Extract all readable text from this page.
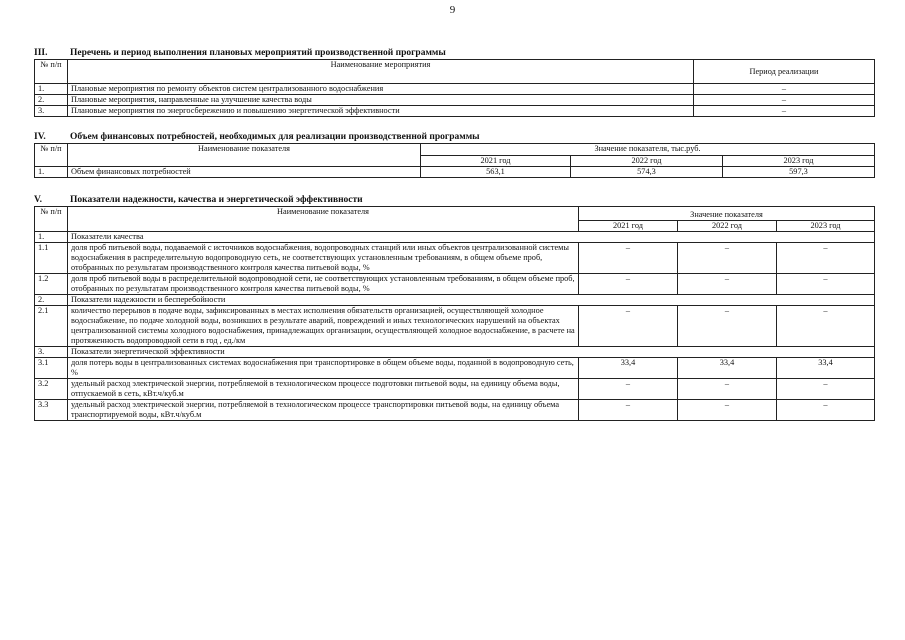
9
III. Перечень и период выполнения плановых мероприятий производственной программы
№ п/п	Наименование мероприятия	Период реализации
1.	Плановые мероприятия по ремонту объектов систем централизованного водоснабжения	–
2.	Плановые мероприятия, направленные на улучшение качества воды	–
3.	Плановые мероприятия по энергосбережению и повышению энергетической эффективности	–
IV.	Объем финансовых потребностей, необходимых для реализации производственной программы
№ п/п	Наименование показателя	Значение показателя, тыс.руб.		
		2021 год	2022 год	2023 год
1.	Объем финансовых потребностей	563,1	574,3	597,3
V.	Показатели надежности, качества и энергетической эффективности
№ п/п	Наименование показателя	Значение показателя		
		2021 год	2022 год	2023 год
1.	Показатели качества			
1.1	доля проб питьевой воды, подаваемой с источников водоснабжения, водопроводных станций или иных объектов централизованной системы водоснабжения в распределительную водопроводную сеть, не соответствующих установленным требованиям, в общем объеме проб, отобранных по результатам производственного контроля качества питьевой воды, %	–	–	–
1.2	доля проб питьевой воды в распределительной водопроводной сети, не соответствующих установленным требованиям, в общем объеме проб, отобранных по результатам производственного контроля качества питьевой воды, %	–	–	–
2.	Показатели надежности и бесперебойности			
2.1	количество перерывов в подаче воды, зафиксированных в местах исполнения обязательств организацией, осуществляющей холодное водоснабжение, по подаче холодной воды, возникших в результате аварий, повреждений и иных технологических нарушений на объектах централизованной системы холодного водоснабжения, принадлежащих организации, осуществляющей холодное водоснабжение, в расчете на протяженность водопроводной сети в год , ед./км	–	–	–
3.	Показатели энергетической эффективности			
3.1	доля потерь воды в централизованных системах водоснабжения при транспортировке в общем объеме воды, поданной в водопроводную сеть, %	33,4	33,4	33,4
3.2	удельный расход электрической энергии, потребляемой в технологическом процессе подготовки питьевой воды, на единицу объема воды, отпускаемой в сеть, кВт.ч/куб.м	–	–	–
3.3	удельный расход электрической энергии, потребляемой в технологическом процессе транспортировки питьевой воды, на единицу объема транспортируемой воды, кВт.ч/куб.м	–	–	–
